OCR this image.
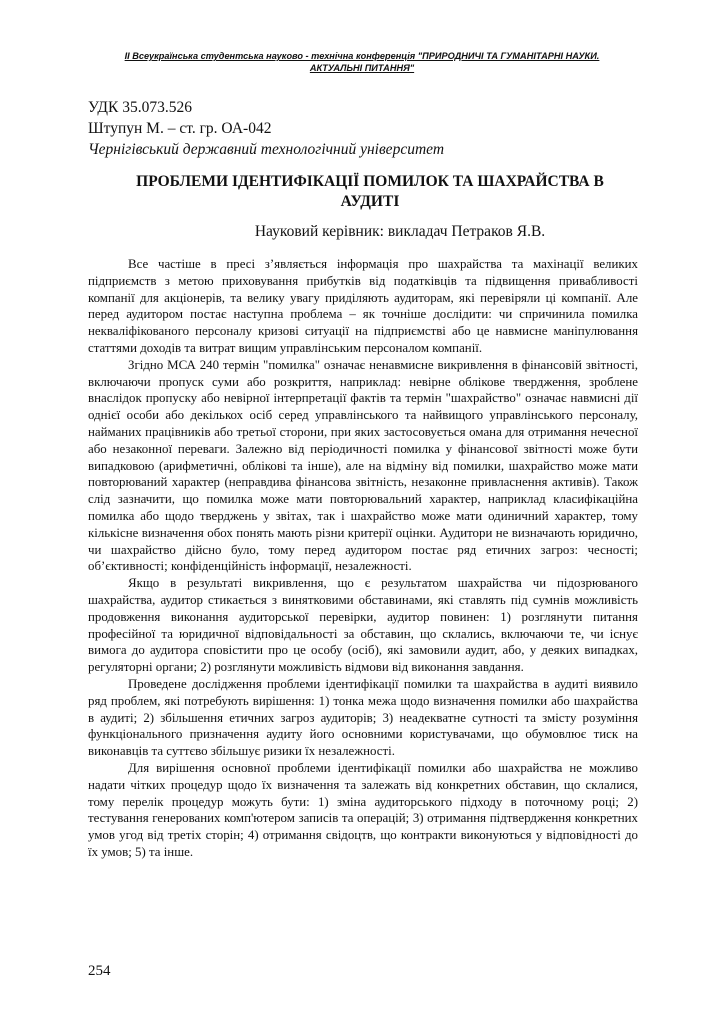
ІІ Всеукраїнська студентська науково - технічна конференція "ПРИРОДНИЧІ ТА ГУМАНІТАРНІ НАУКИ.
АКТУАЛЬНІ ПИТАННЯ"
УДК 35.073.526
Штупун М. – ст. гр. ОА-042
Чернігівський державний технологічний університет
ПРОБЛЕМИ ІДЕНТИФІКАЦІЇ ПОМИЛОК ТА ШАХРАЙСТВА В
АУДИТІ
Науковий керівник: викладач Петраков Я.В.

Все частіше в пресі з’являється інформація про шахрайства та махінації великих підприємств з метою приховування прибутків від податківців та підвищення привабливості компанії для акціонерів, та велику увагу приділяють аудиторам, які перевіряли ці компанії. Але перед аудитором постає наступна проблема – як точніше дослідити: чи спричинила помилка некваліфікованого персоналу кризові ситуації на підприємстві або це навмисне маніпулювання статтями доходів та витрат вищим управлінським персоналом компанії.

Згідно МСА 240 термін "помилка" означає ненавмисне викривлення в фінансовій звітності, включаючи пропуск суми або розкриття, наприклад: невірне облікове твердження, зроблене внаслідок пропуску або невірної інтерпретації фактів та термін "шахрайство" означає навмисні дії однієї особи або декількох осіб серед управлінського та найвищого управлінського персоналу, найманих працівників або третьої сторони, при яких застосовується омана для отримання нечесної або незаконної переваги. Залежно від періодичності помилка у фінансової звітності може бути випадковою (арифметичні, облікові та інше), але на відміну від помилки, шахрайство може мати повторюваний характер (неправдива фінансова звітність, незаконне привласнення активів). Також слід зазначити, що помилка може мати повторювальний характер, наприклад класифікаційна помилка або щодо тверджень у звітах, так і шахрайство може мати одиничний характер, тому кількісне визначення обох понять мають різни критерії оцінки. Аудитори не визначають юридично, чи шахрайство дійсно було, тому перед аудитором постає ряд етичних загроз: чесності; об’єктивності; конфіденційність інформації, незалежності.

Якщо в результаті викривлення, що є результатом шахрайства чи підозрюваного шахрайства, аудитор стикається з винятковими обставинами, які ставлять під сумнів можливість продовження виконання аудиторської перевірки, аудитор повинен: 1) розглянути питання професійної та юридичної відповідальності за обставин, що склались, включаючи те, чи існує вимога до аудитора сповістити про це особу (осіб), які замовили аудит, або, у деяких випадках, регуляторні органи; 2) розглянути можливість відмови від виконання завдання.

Проведене дослідження проблеми ідентифікації помилки та шахрайства в аудиті виявило ряд проблем, які потребують вирішення: 1) тонка межа щодо визначення помилки або шахрайства в аудиті; 2) збільшення етичних загроз аудиторів; 3) неадекватне сутності та змісту розуміння функціонального призначення аудиту його основними користувачами, що обумовлює тиск на виконавців та суттєво збільшує ризики їх незалежності.

Для вирішення основної проблеми ідентифікації помилки або шахрайства не можливо надати чітких процедур щодо їх визначення та залежать від конкретних обставин, що склалися, тому перелік процедур можуть бути: 1) зміна аудиторського підходу в поточному році; 2) тестування генерованих комп'ютером записів та операцій; 3) отримання підтвердження конкретних умов угод від третіх сторін; 4) отримання свідоцтв, що контракти виконуються у відповідності до їх умов; 5) та інше.

254
